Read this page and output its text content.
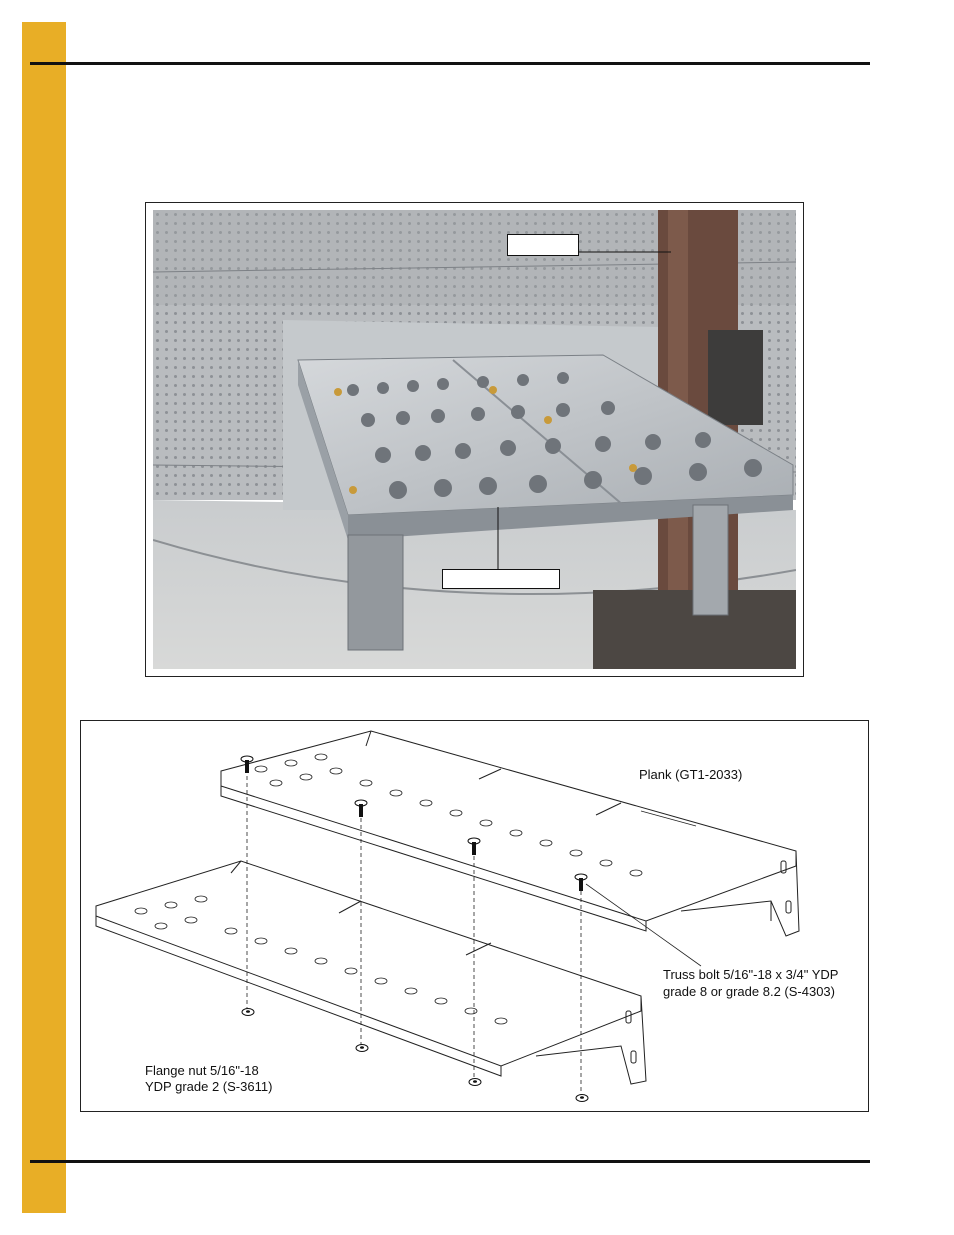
Plank (GT1-2033)
Truss bolt 5/16"-18 x 3/4" YDP
grade 8 or grade 8.2 (S-4303)
Flange nut 5/16"-18
YDP grade 2 (S-3611)
